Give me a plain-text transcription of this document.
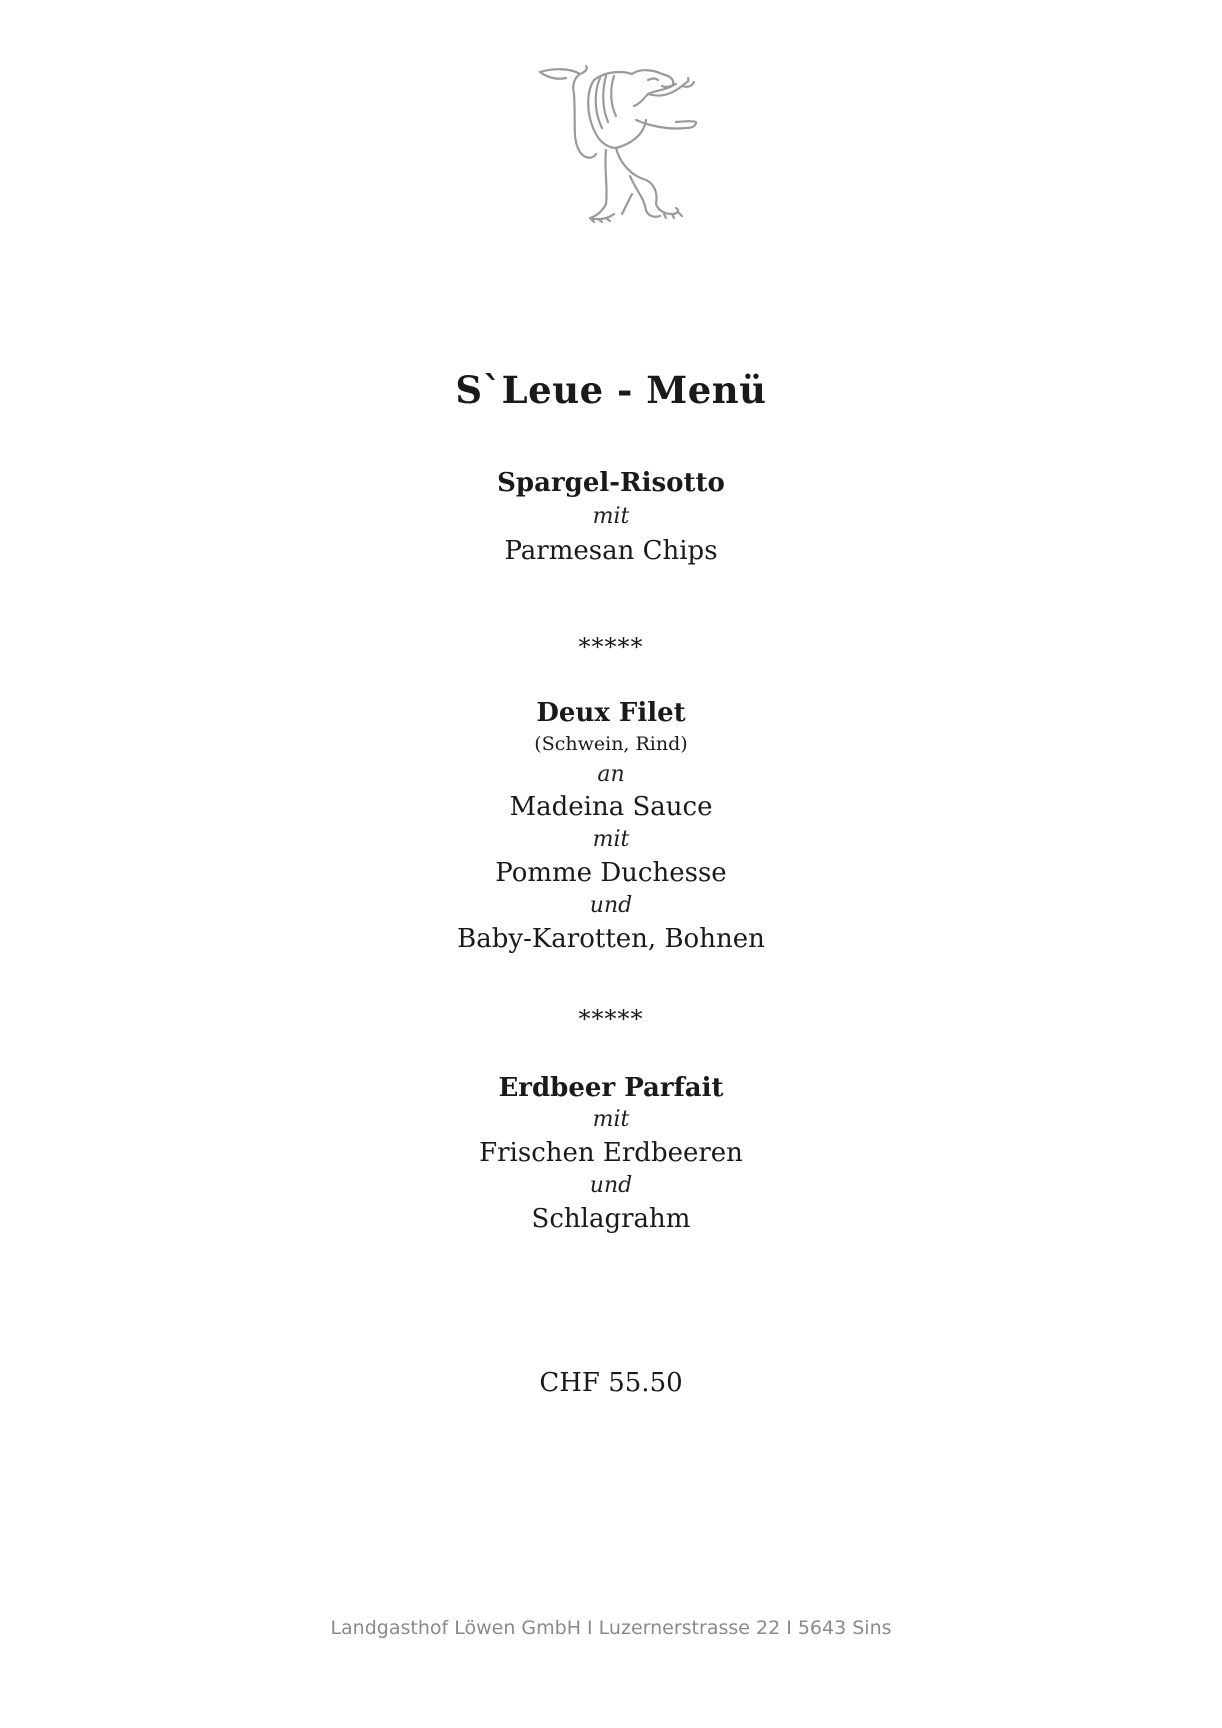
S`Leue - Menü
Spargel-Risotto
mit
Parmesan Chips
*****
Deux Filet
(Schwein, Rind)
an
Madeina Sauce
mit
Pomme Duchesse
und
Baby-Karotten, Bohnen
*****
Erdbeer Parfait
mit
Frischen Erdbeeren
und
Schlagrahm
CHF 55.50
Landgasthof Löwen GmbH I Luzernerstrasse 22 I 5643 Sins
